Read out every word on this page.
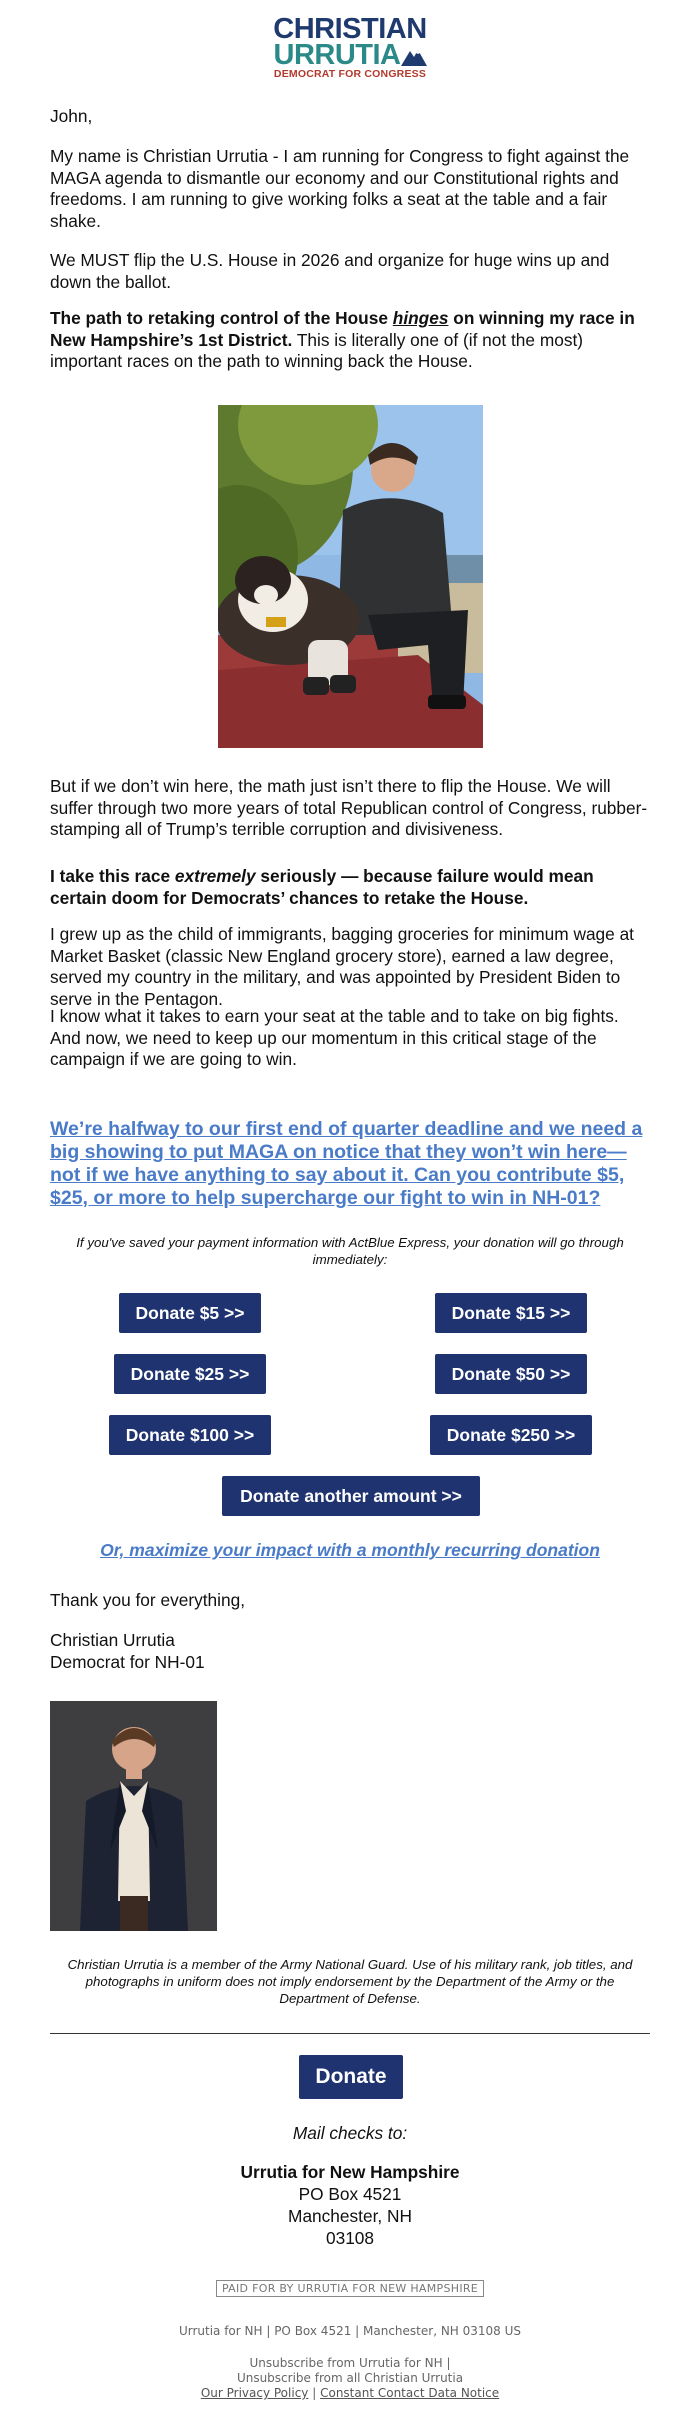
CHRISTIAN
URRUTIA
DEMOCRAT FOR CONGRESS

John,

My name is Christian Urrutia - I am running for Congress to fight against the MAGA agenda to dismantle our economy and our Constitutional rights and freedoms. I am running to give working folks a seat at the table and a fair shake.

We MUST flip the U.S. House in 2026 and organize for huge wins up and down the ballot.

The path to retaking control of the House hinges on winning my race in New Hampshire’s 1st District. This is literally one of (if not the most) important races on the path to winning back the House.

But if we don’t win here, the math just isn’t there to flip the House. We will suffer through two more years of total Republican control of Congress, rubber-stamping all of Trump’s terrible corruption and divisiveness.

I take this race extremely seriously — because failure would mean certain doom for Democrats’ chances to retake the House.

I grew up as the child of immigrants, bagging groceries for minimum wage at Market Basket (classic New England grocery store), earned a law degree, served my country in the military, and was appointed by President Biden to serve in the Pentagon.

I know what it takes to earn your seat at the table and to take on big fights. And now, we need to keep up our momentum in this critical stage of the campaign if we are going to win.

We’re halfway to our first end of quarter deadline and we need a big showing to put MAGA on notice that they won’t win here—not if we have anything to say about it. Can you contribute $5, $25, or more to help supercharge our fight to win in NH-01?

If you've saved your payment information with ActBlue Express, your donation will go through immediately:

Donate $5 >>	Donate $15 >>
Donate $25 >>	Donate $50 >>
Donate $100 >>	Donate $250 >>
Donate another amount >>
Or, maximize your impact with a monthly recurring donation

Thank you for everything,

Christian Urrutia

Democrat for NH-01

Christian Urrutia is a member of the Army National Guard. Use of his military rank, job titles, and photographs in uniform does not imply endorsement by the Department of the Army or the Department of Defense.

Donate
Mail checks to:
Urrutia for New Hampshire
PO Box 4521
Manchester, NH
03108
PAID FOR BY URRUTIA FOR NEW HAMPSHIRE
Urrutia for NH | PO Box 4521 | Manchester, NH 03108 US
Unsubscribe from Urrutia for NH |
Unsubscribe from all Christian Urrutia
Our Privacy Policy | Constant Contact Data Notice
